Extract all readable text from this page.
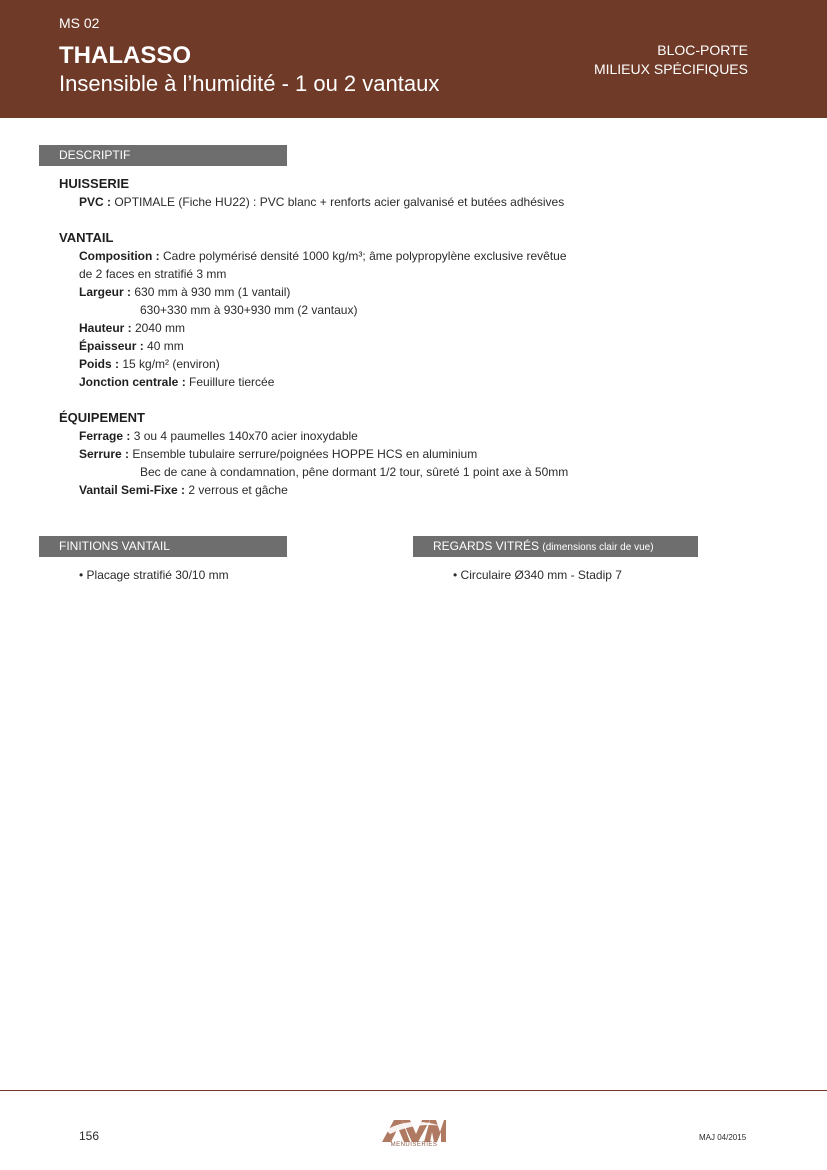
MS 02
THALASSO
Insensible à l’humidité - 1 ou 2 vantaux
BLOC-PORTE
MILIEUX SPÉCIFIQUES
DESCRIPTIF
HUISSERIE
PVC : OPTIMALE (Fiche HU22) : PVC blanc + renforts acier galvanisé et butées adhésives
VANTAIL
Composition : Cadre polymérisé densité 1000 kg/m³; âme polypropylène exclusive revêtue
de 2 faces en stratifié 3 mm
Largeur : 630 mm à 930 mm (1 vantail)
630+330 mm à 930+930 mm (2 vantaux)
Hauteur : 2040 mm
Épaisseur : 40 mm
Poids : 15 kg/m² (environ)
Jonction centrale : Feuillure tiercée
ÉQUIPEMENT
Ferrage : 3 ou 4 paumelles 140x70 acier inoxydable
Serrure : Ensemble tubulaire serrure/poignées HOPPE HCS en aluminium
Bec de cane à condamnation, pêne dormant 1/2 tour, sûreté 1 point axe à 50mm
Vantail Semi-Fixe : 2 verrous et gâche
FINITIONS VANTAIL
• Placage stratifié 30/10 mm
REGARDS VITRÉS (dimensions clair de vue)
• Circulaire Ø340 mm - Stadip 7
156
MENUISERIES
MAJ 04/2015
